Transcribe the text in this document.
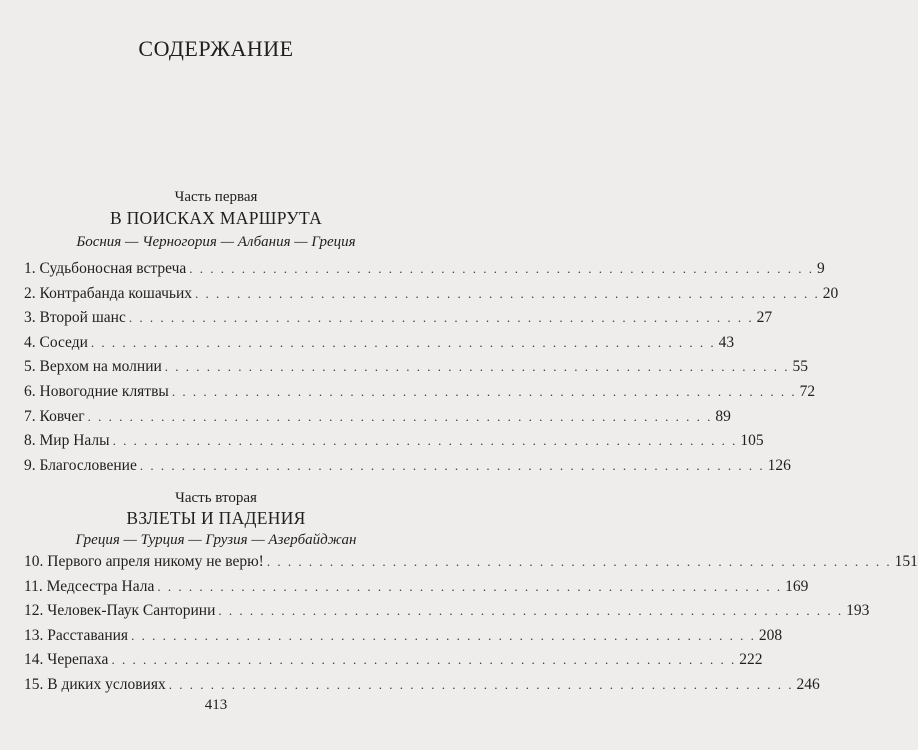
СОДЕРЖАНИЕ
Часть первая
В ПОИСКАХ МАРШРУТА
Босния — Черногория — Албания — Греция
1. Судьбоносная встреча . . . . . . . . . . . . . . . . . . . . . . . . . . . . . . . . . . . . . . . . . . . . . . . . . . . . . . . . . . . . 9
2. Контрабанда кошачьих . . . . . . . . . . . . . . . . . . . . . . . . . . . . . . . . . . . . . . . . . . . . . . . . . . . . . . . . . . . . 20
3. Второй шанс . . . . . . . . . . . . . . . . . . . . . . . . . . . . . . . . . . . . . . . . . . . . . . . . . . . . . . . . . . . . 27
4. Соседи . . . . . . . . . . . . . . . . . . . . . . . . . . . . . . . . . . . . . . . . . . . . . . . . . . . . . . . . . . . . 43
5. Верхом на молнии . . . . . . . . . . . . . . . . . . . . . . . . . . . . . . . . . . . . . . . . . . . . . . . . . . . . . . . . . . . . 55
6. Новогодние клятвы . . . . . . . . . . . . . . . . . . . . . . . . . . . . . . . . . . . . . . . . . . . . . . . . . . . . . . . . . . . . 72
7. Ковчег . . . . . . . . . . . . . . . . . . . . . . . . . . . . . . . . . . . . . . . . . . . . . . . . . . . . . . . . . . . . 89
8. Мир Налы . . . . . . . . . . . . . . . . . . . . . . . . . . . . . . . . . . . . . . . . . . . . . . . . . . . . . . . . . . . . 105
9. Благословение . . . . . . . . . . . . . . . . . . . . . . . . . . . . . . . . . . . . . . . . . . . . . . . . . . . . . . . . . . . . 126
Часть вторая
ВЗЛЕТЫ И ПАДЕНИЯ
Греция — Турция — Грузия — Азербайджан
10. Первого апреля никому не верю! . . . . . . . . . . . . . . . . . . . . . . . . . . . . . . . . . . . . . . . . . . . . . . . . . . . . . . . . . . . . 151
11. Медсестра Нала . . . . . . . . . . . . . . . . . . . . . . . . . . . . . . . . . . . . . . . . . . . . . . . . . . . . . . . . . . . . 169
12. Человек-Паук Санторини . . . . . . . . . . . . . . . . . . . . . . . . . . . . . . . . . . . . . . . . . . . . . . . . . . . . . . . . . . . . 193
13. Расставания . . . . . . . . . . . . . . . . . . . . . . . . . . . . . . . . . . . . . . . . . . . . . . . . . . . . . . . . . . . . 208
14. Черепаха . . . . . . . . . . . . . . . . . . . . . . . . . . . . . . . . . . . . . . . . . . . . . . . . . . . . . . . . . . . . 222
15. В диких условиях . . . . . . . . . . . . . . . . . . . . . . . . . . . . . . . . . . . . . . . . . . . . . . . . . . . . . . . . . . . . 246
413
